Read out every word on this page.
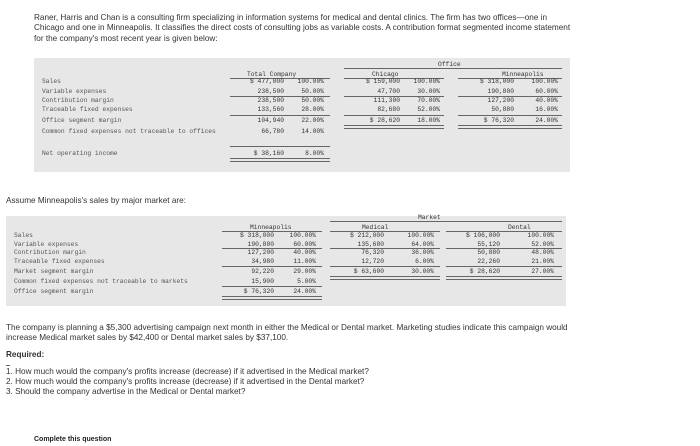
Raner, Harris and Chan is a consulting firm specializing in information systems for medical and dental clinics. The firm has two offices—one in Chicago and one in Minneapolis. It classifies the direct costs of consulting jobs as variable costs. A contribution format segmented income statement for the company's most recent year is given below:
Office
Total Company	Chicago	Minneapolis
Sales	$ 477,000	100.00%	$ 159,000	100.00%	$ 318,000	100.00%
Variable expenses	238,500	50.00%	47,700	30.00%	190,800	60.00%
Contribution margin	238,500	50.00%	111,300	70.00%	127,200	40.00%
Traceable fixed expenses	133,560	28.00%	82,680	52.00%	50,880	16.00%
Office segment margin	104,940	22.00%	$ 28,620	18.00%	$ 76,320	24.00%
Common fixed expenses not traceable to offices	66,780	14.00%
Net operating income	$ 38,160	8.00%
Assume Minneapolis's sales by major market are:
Market
Minneapolis	Medical	Dental
Sales	$ 318,000	100.00%	$ 212,000	100.00%	$ 106,000	100.00%
Variable expenses	190,800	60.00%	135,680	64.00%	55,120	52.00%
Contribution margin	127,200	40.00%	76,320	36.00%	50,880	48.00%
Traceable fixed expenses	34,980	11.00%	12,720	6.00%	22,260	21.00%
Market segment margin	92,220	29.00%	$ 63,600	30.00%	$ 28,620	27.00%
Common fixed expenses not traceable to markets	15,900	5.00%
Office segment margin	$ 76,320	24.00%
The company is planning a $5,300 advertising campaign next month in either the Medical or Dental market. Marketing studies indicate this campaign would increase Medical market sales by $42,400 or Dental market sales by $37,100.
Required:
1. How much would the company's profits increase (decrease) if it advertised in the Medical market?
2. How much would the company's profits increase (decrease) if it advertised in the Dental market?
3. Should the company advertise in the Medical or Dental market?
Complete this question
